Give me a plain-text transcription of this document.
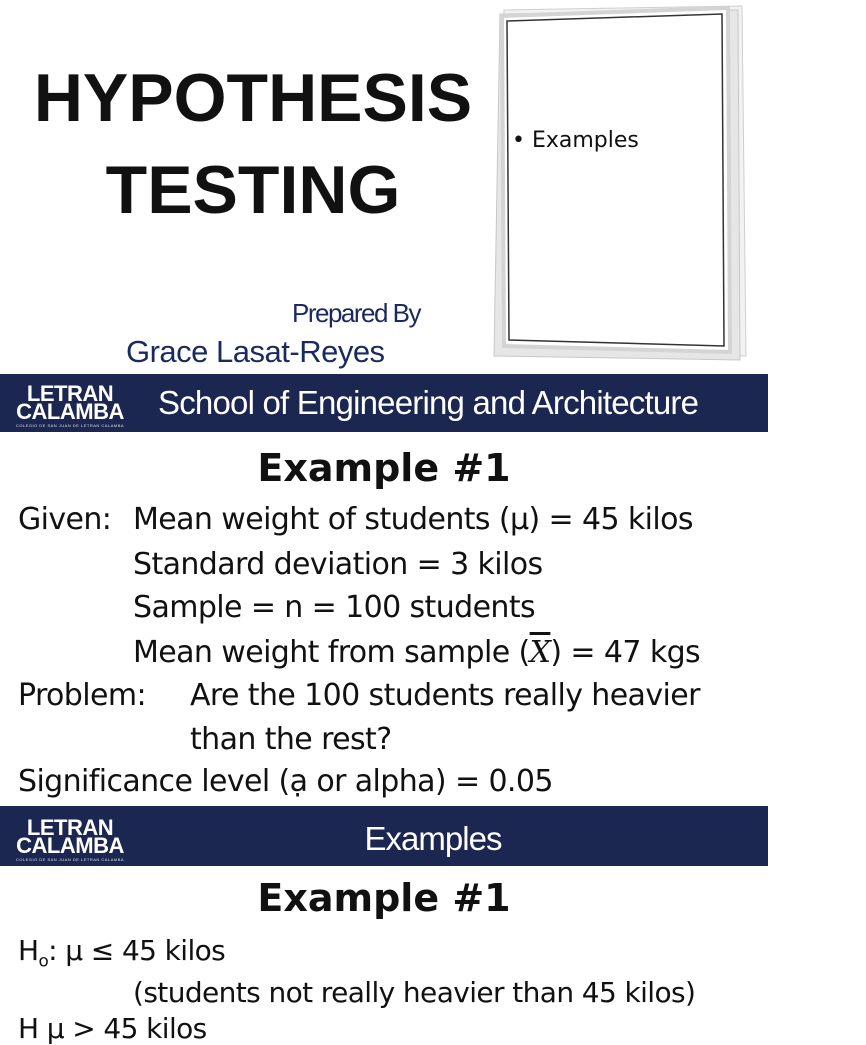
HYPOTHESIS
TESTING
Prepared By
Grace Lasat-Reyes
• Examples
LETRAN
CALAMBA
COLEGIO DE SAN JUAN DE LETRAN CALAMBA
School of Engineering and Architecture
Example #1
Given: Mean weight of students (μ) = 45 kilos
Standard deviation = 3 kilos
Sample = n = 100 students
Mean weight from sample $(\overline{X}) = 47$ kgs
Problem: Are the 100 students really heavier
than the rest?
Significance level (ạ or alpha) = 0.05
LETRAN
CALAMBA
COLEGIO DE SAN JUAN DE LETRAN CALAMBA
Examples
Example #1
$H_o$: μ ≤ 45 kilos
(students not really heavier than 45 kilos)
H μ > 45 kilos
